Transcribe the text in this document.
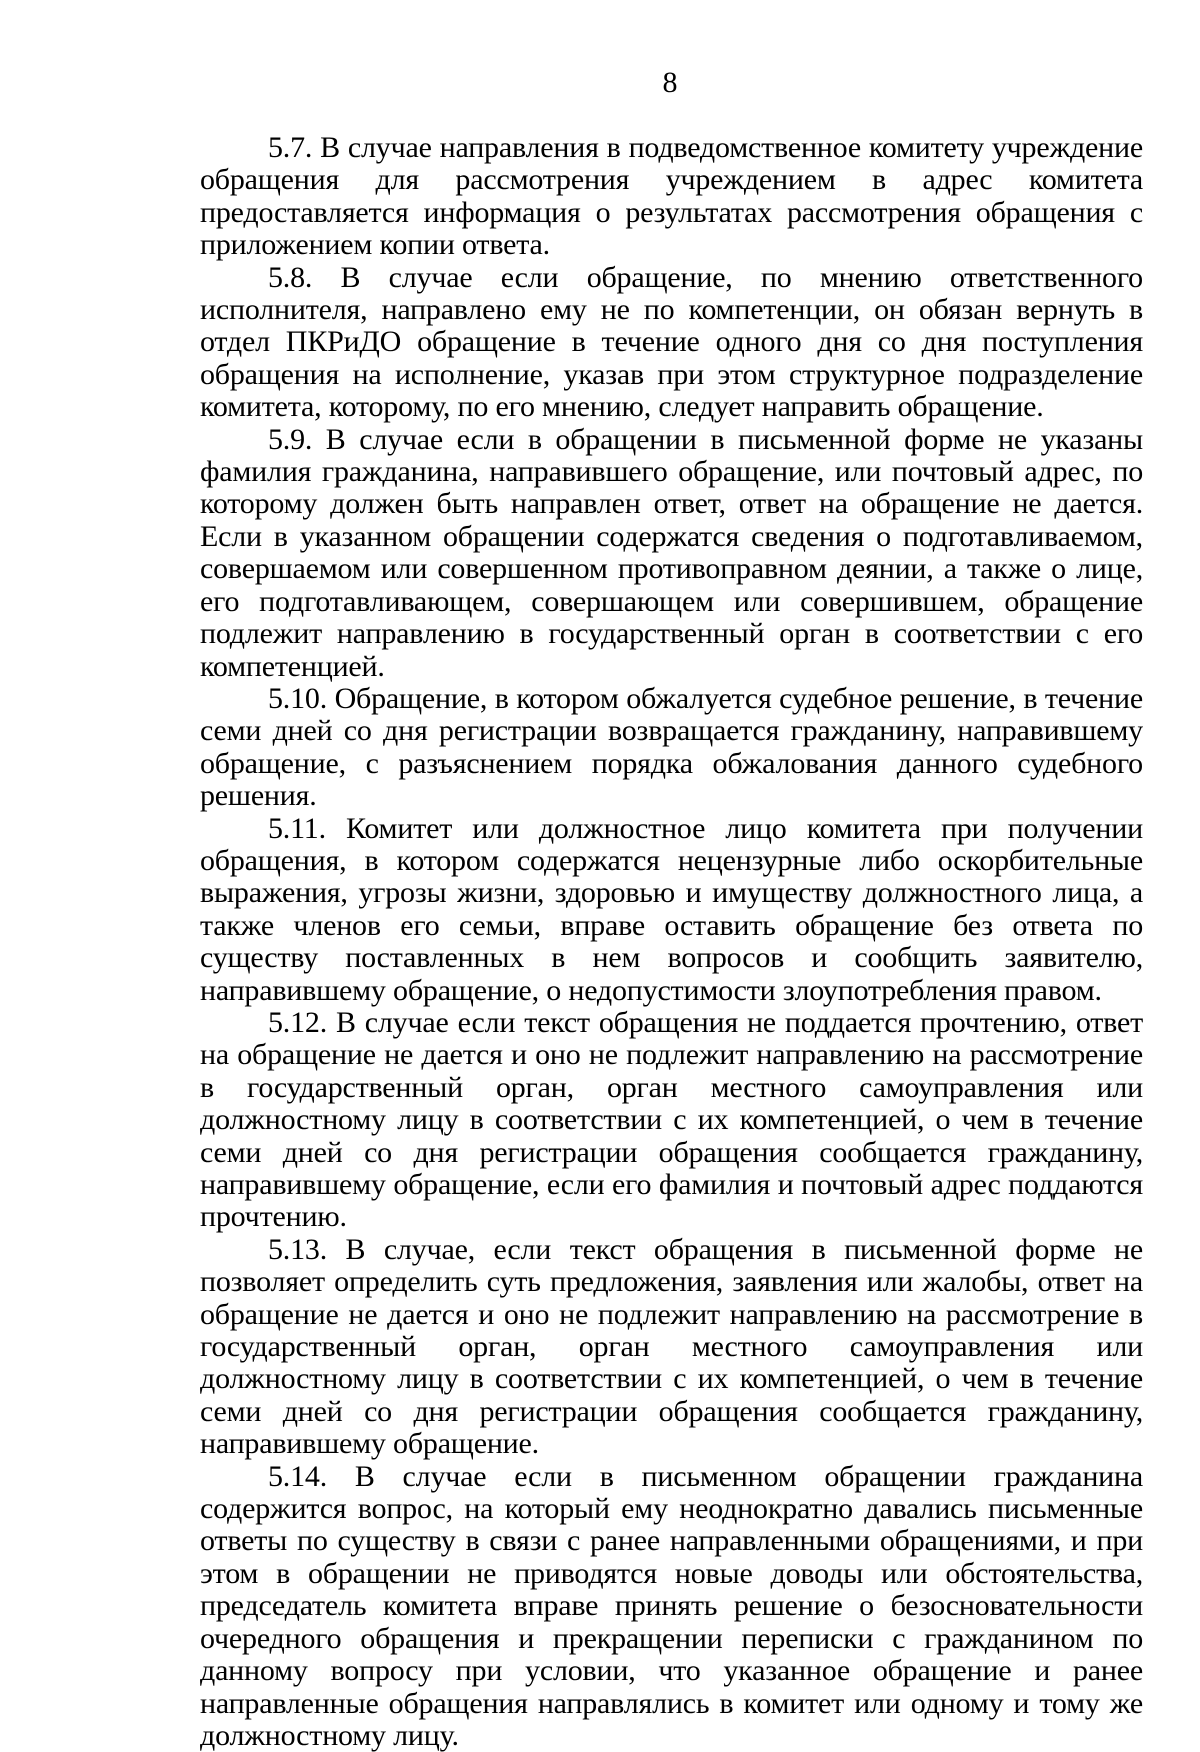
8

5.7. В случае направления в подведомственное комитету учреждение обращения для рассмотрения учреждением в адрес комитета предоставляется информация о результатах рассмотрения обращения с приложением копии ответа.

5.8. В случае если обращение, по мнению ответственного исполнителя, направлено ему не по компетенции, он обязан вернуть в отдел ПКРиДО обращение в течение одного дня со дня поступления обращения на исполнение, указав при этом структурное подразделение комитета, которому, по его мнению, следует направить обращение.

5.9. В случае если в обращении в письменной форме не указаны фамилия гражданина, направившего обращение, или почтовый адрес, по которому должен быть направлен ответ, ответ на обращение не дается. Если в указанном обращении содержатся сведения о подготавливаемом, совершаемом или совершенном противоправном деянии, а также о лице, его подготавливающем, совершающем или совершившем, обращение подлежит направлению в государственный орган в соответствии с его компетенцией.

5.10. Обращение, в котором обжалуется судебное решение, в течение семи дней со дня регистрации возвращается гражданину, направившему обращение, с разъяснением порядка обжалования данного судебного решения.

5.11. Комитет или должностное лицо комитета при получении обращения, в котором содержатся нецензурные либо оскорбительные выражения, угрозы жизни, здоровью и имуществу должностного лица, а также членов его семьи, вправе оставить обращение без ответа по существу поставленных в нем вопросов и сообщить заявителю, направившему обращение, о недопустимости злоупотребления правом.

5.12. В случае если текст обращения не поддается прочтению, ответ на обращение не дается и оно не подлежит направлению на рассмотрение в государственный орган, орган местного самоуправления или должностному лицу в соответствии с их компетенцией, о чем в течение семи дней со дня регистрации обращения сообщается гражданину, направившему обращение, если его фамилия и почтовый адрес поддаются прочтению.

5.13. В случае, если текст обращения в письменной форме не позволяет определить суть предложения, заявления или жалобы, ответ на обращение не дается и оно не подлежит направлению на рассмотрение в государственный орган, орган местного самоуправления или должностному лицу в соответствии с их компетенцией, о чем в течение семи дней со дня регистрации обращения сообщается гражданину, направившему обращение.

5.14. В случае если в письменном обращении гражданина содержится вопрос, на который ему неоднократно давались письменные ответы по существу в связи с ранее направленными обращениями, и при этом в обращении не приводятся новые доводы или обстоятельства, председатель комитета вправе принять решение о безосновательности очередного обращения и прекращении переписки с гражданином по данному вопросу при условии, что указанное обращение и ранее направленные обращения направлялись в комитет или одному и тому же должностному лицу.
